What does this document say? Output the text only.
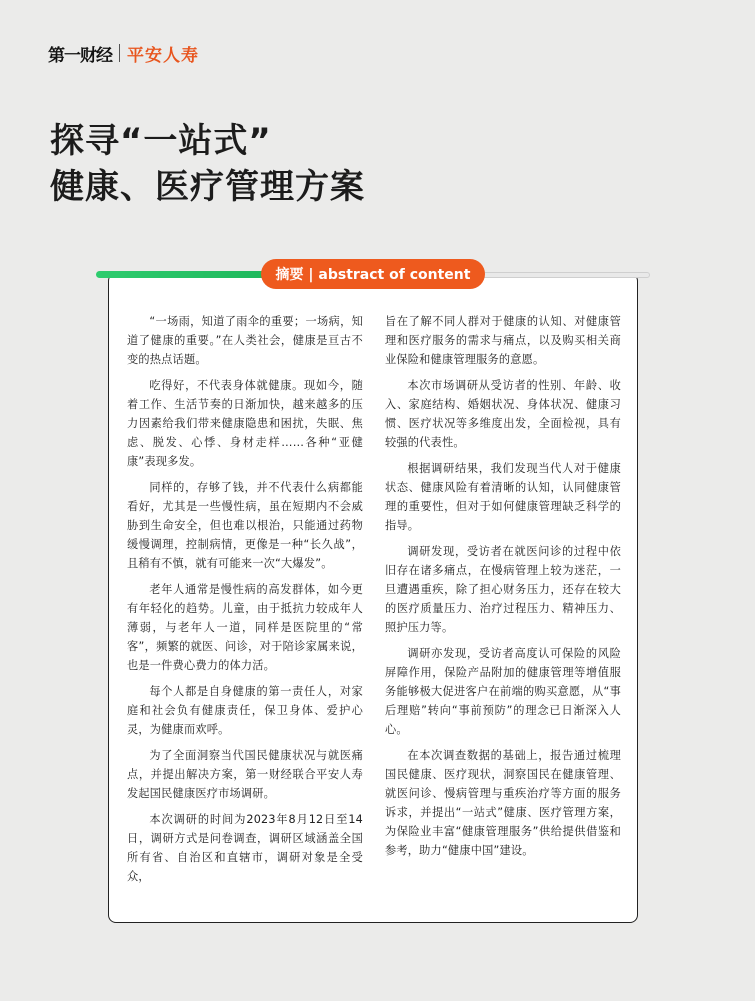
第一财经 平安人寿
探寻“一站式”
健康、医疗管理方案
摘要 | abstract of content

“一场雨，知道了雨伞的重要；一场病，知道了健康的重要。”在人类社会，健康是亘古不变的热点话题。

吃得好，不代表身体就健康。现如今，随着工作、生活节奏的日渐加快，越来越多的压力因素给我们带来健康隐患和困扰，失眠、焦虑、脱发、心悸、身材走样……各种“亚健康”表现多发。

同样的，存够了钱，并不代表什么病都能看好，尤其是一些慢性病，虽在短期内不会威胁到生命安全，但也难以根治，只能通过药物缓慢调理，控制病情，更像是一种“长久战”，且稍有不慎，就有可能来一次“大爆发”。

老年人通常是慢性病的高发群体，如今更有年轻化的趋势。儿童，由于抵抗力较成年人薄弱，与老年人一道，同样是医院里的“常客”，频繁的就医、问诊，对于陪诊家属来说，也是一件费心费力的体力活。

每个人都是自身健康的第一责任人，对家庭和社会负有健康责任，保卫身体、爱护心灵，为健康而欢呼。

为了全面洞察当代国民健康状况与就医痛点，并提出解决方案，第一财经联合平安人寿发起国民健康医疗市场调研。

本次调研的时间为2023年8月12日至14日，调研方式是问卷调查，调研区域涵盖全国所有省、自治区和直辖市，调研对象是全受众，

旨在了解不同人群对于健康的认知、对健康管理和医疗服务的需求与痛点，以及购买相关商业保险和健康管理服务的意愿。

本次市场调研从受访者的性别、年龄、收入、家庭结构、婚姻状况、身体状况、健康习惯、医疗状况等多维度出发，全面检视，具有较强的代表性。

根据调研结果，我们发现当代人对于健康状态、健康风险有着清晰的认知，认同健康管理的重要性，但对于如何健康管理缺乏科学的指导。

调研发现，受访者在就医问诊的过程中依旧存在诸多痛点，在慢病管理上较为迷茫，一旦遭遇重疾，除了担心财务压力，还存在较大的医疗质量压力、治疗过程压力、精神压力、照护压力等。

调研亦发现，受访者高度认可保险的风险屏障作用，保险产品附加的健康管理等增值服务能够极大促进客户在前端的购买意愿，从“事后理赔”转向“事前预防”的理念已日渐深入人心。

在本次调查数据的基础上，报告通过梳理国民健康、医疗现状，洞察国民在健康管理、就医问诊、慢病管理与重疾治疗等方面的服务诉求，并提出“一站式”健康、医疗管理方案，为保险业丰富“健康管理服务”供给提供借鉴和参考，助力“健康中国”建设。
